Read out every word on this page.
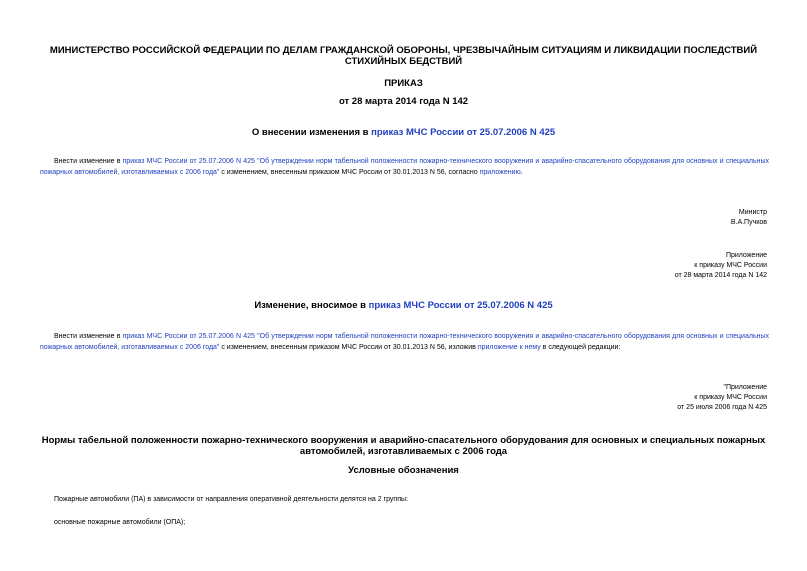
МИНИСТЕРСТВО РОССИЙСКОЙ ФЕДЕРАЦИИ ПО ДЕЛАМ ГРАЖДАНСКОЙ ОБОРОНЫ, ЧРЕЗВЫЧАЙНЫМ СИТУАЦИЯМ И ЛИКВИДАЦИИ ПОСЛЕДСТВИЙ СТИХИЙНЫХ БЕДСТВИЙ
ПРИКАЗ
от 28 марта 2014 года N 142
О внесении изменения в приказ МЧС России от 25.07.2006 N 425
Внести изменение в приказ МЧС России от 25.07.2006 N 425 "Об утверждении норм табельной положенности пожарно-технического вооружения и аварийно-спасательного оборудования для основных и специальных пожарных автомобилей, изготавливаемых с 2006 года" с изменением, внесенным приказом МЧС России от 30.01.2013 N 56, согласно приложению.
Министр
В.А.Пучков
Приложение
к приказу МЧС России
от 28 марта 2014 года N 142
Изменение, вносимое в приказ МЧС России от 25.07.2006 N 425
Внести изменение в приказ МЧС России от 25.07.2006 N 425 "Об утверждении норм табельной положенности пожарно-технического вооружения и аварийно-спасательного оборудования для основных и специальных пожарных автомобилей, изготавливаемых с 2006 года" с изменением, внесенным приказом МЧС России от 30.01.2013 N 56, изложив приложение к нему в следующей редакции:
"Приложение
к приказу МЧС России
от 25 июля 2006 года N 425
Нормы табельной положенности пожарно-технического вооружения и аварийно-спасательного оборудования для основных и специальных пожарных автомобилей, изготавливаемых с 2006 года
Условные обозначения
Пожарные автомобили (ПА) в зависимости от направления оперативной деятельности делятся на 2 группы:
основные пожарные автомобили (ОПА);
